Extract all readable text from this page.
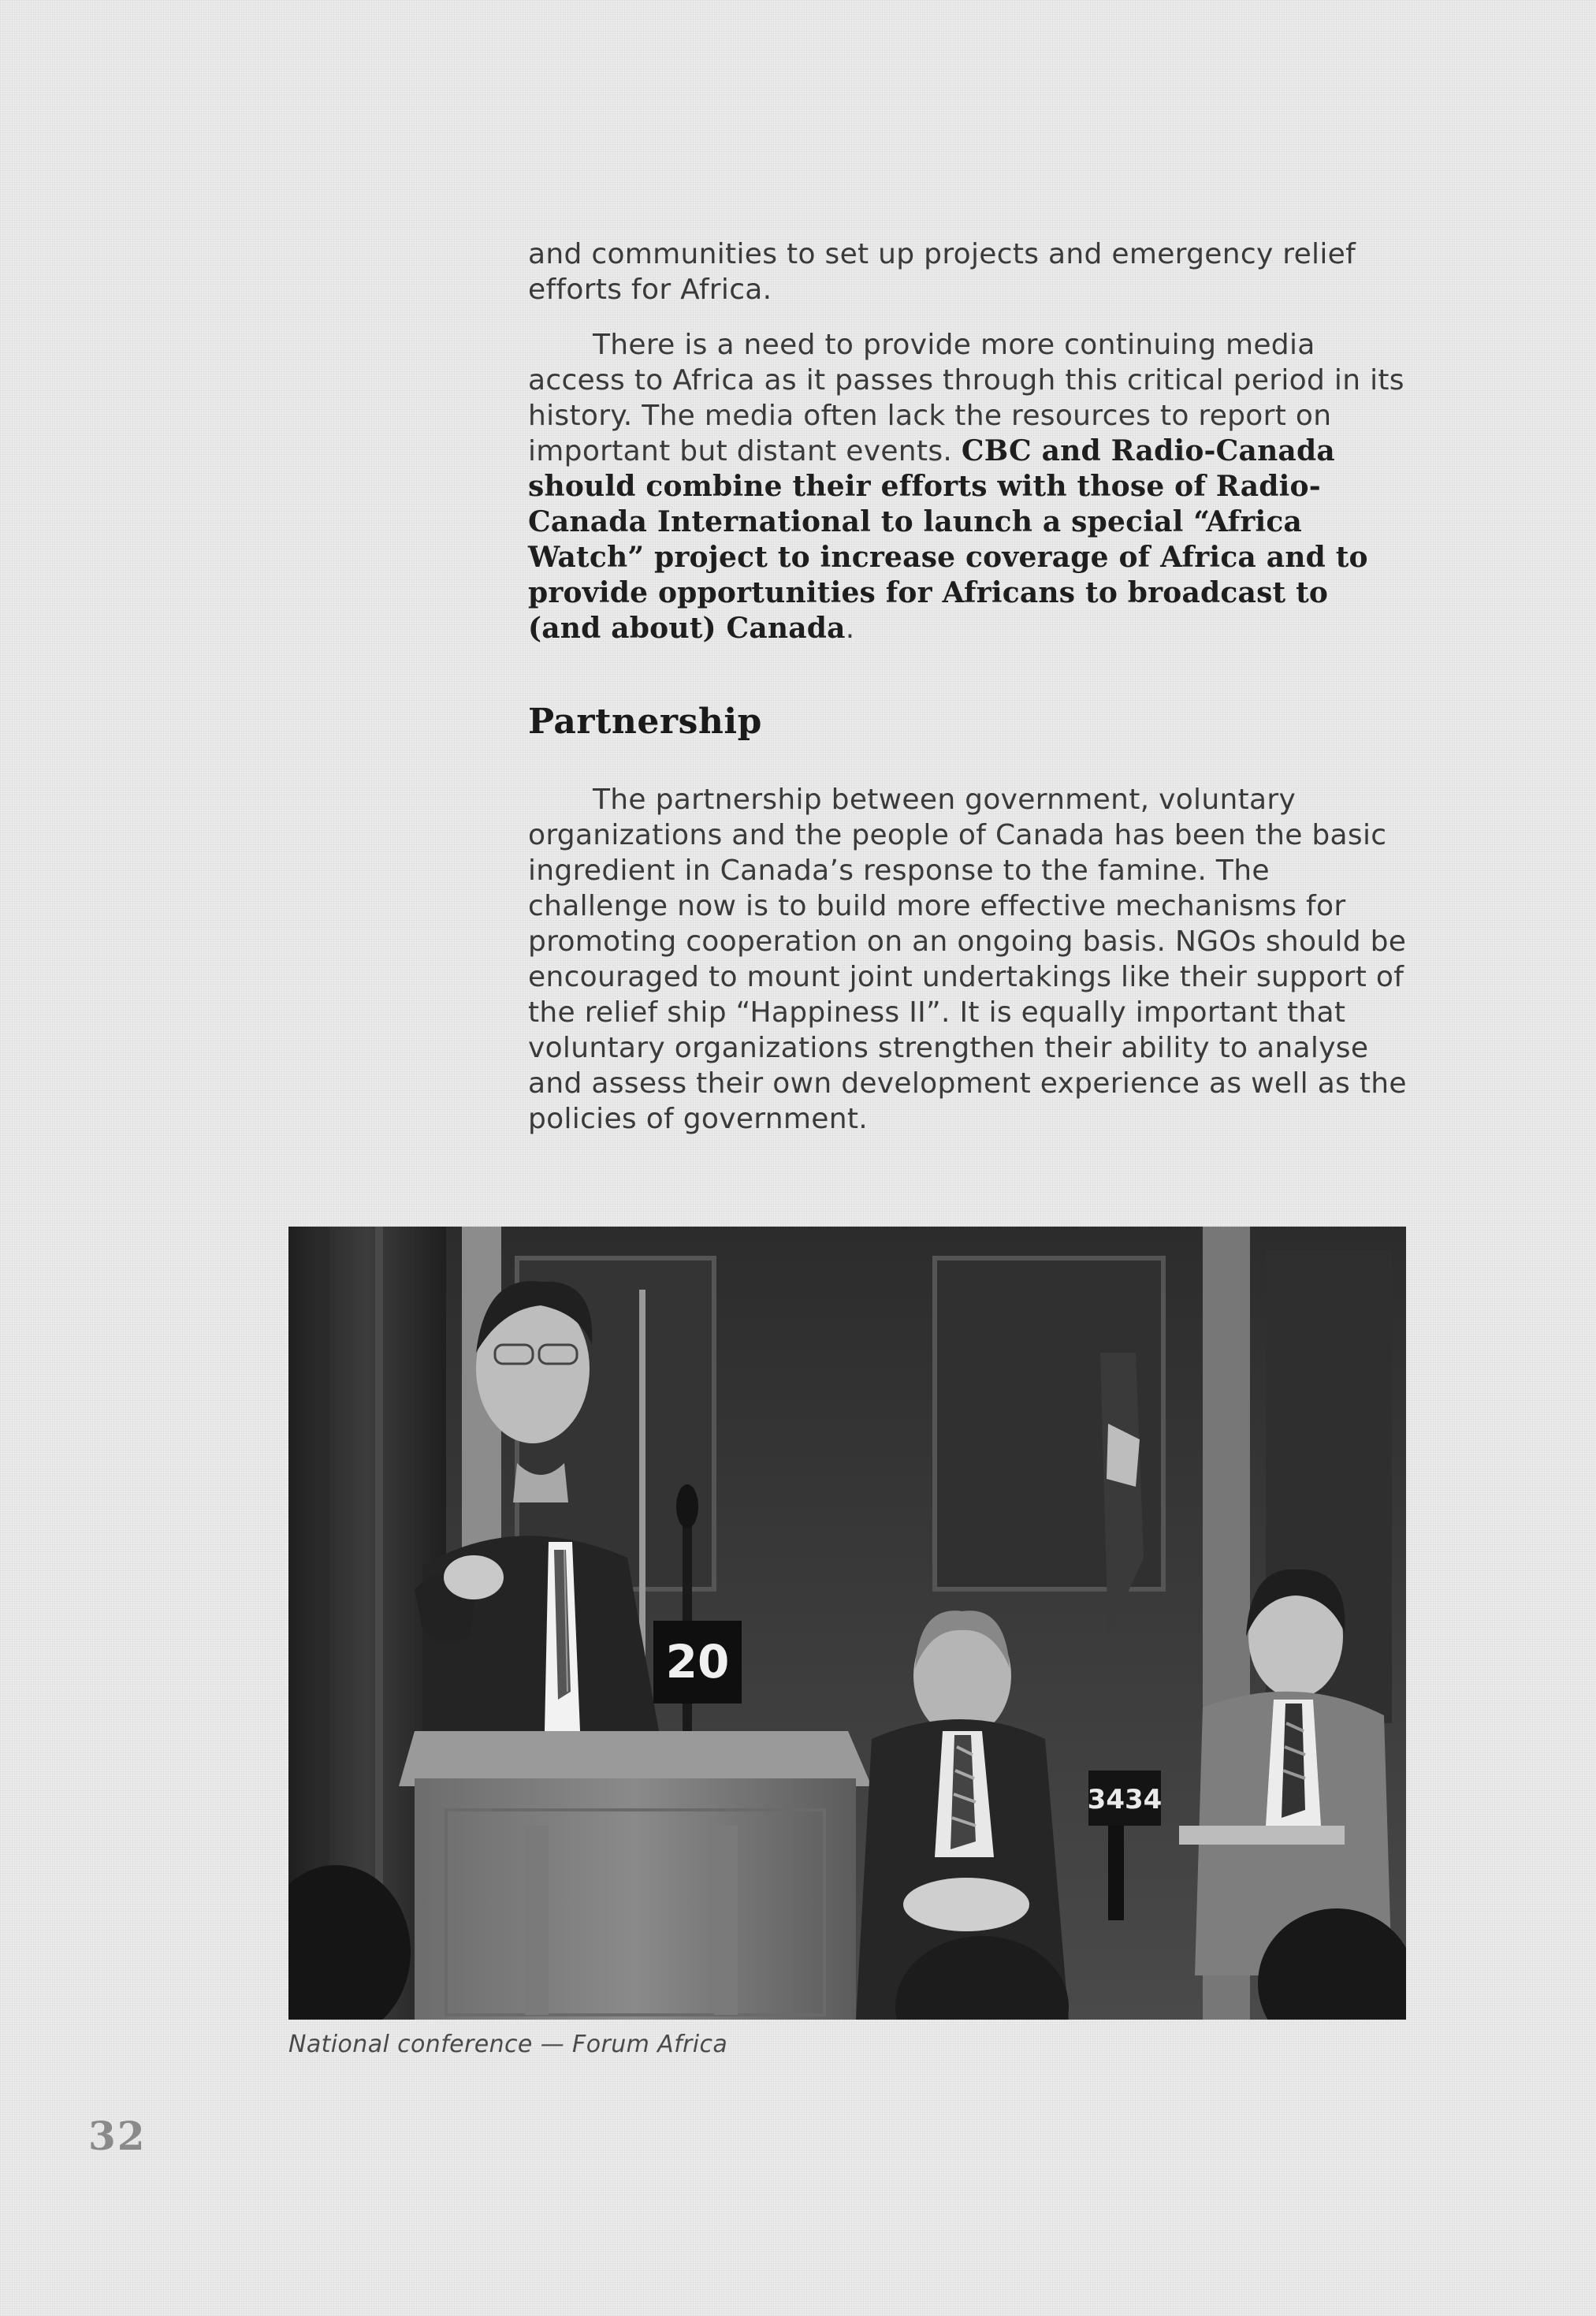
and communities to set up projects and emergency relief efforts for Africa.

There is a need to provide more continuing media access to Africa as it passes through this critical period in its history. The media often lack the resources to report on important but distant events. CBC and Radio-Canada should combine their efforts with those of Radio-Canada International to launch a special “Africa Watch” project to increase coverage of Africa and to provide opportunities for Africans to broadcast to (and about) Canada.

Partnership

The partnership between government, voluntary organizations and the people of Canada has been the basic ingredient in Canada’s response to the famine. The challenge now is to build more effective mechanisms for promoting cooperation on an ongoing basis. NGOs should be encouraged to mount joint undertakings like their support of the relief ship “Happiness II”. It is equally important that voluntary organizations strengthen their ability to analyse and assess their own development experience as well as the policies of government.

20
3434
National conference — Forum Africa
32
